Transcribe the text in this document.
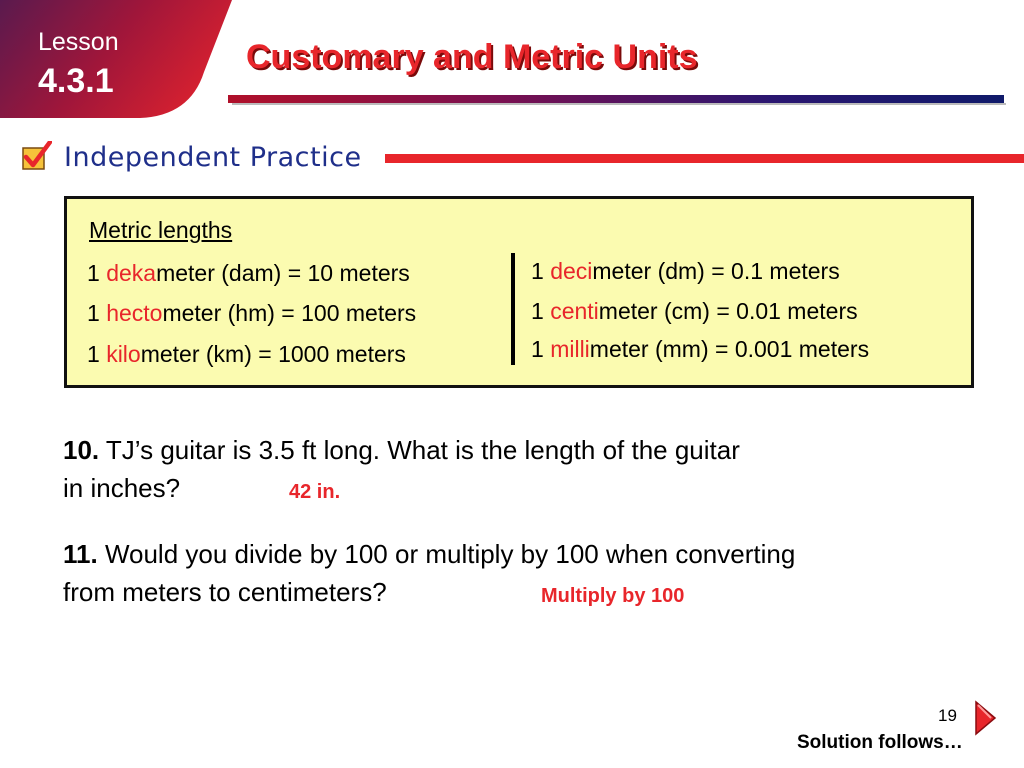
Lesson
4.3.1
Customary and Metric Units
Independent Practice
Metric lengths
1 dekameter (dam) = 10 meters
1 hectometer (hm) = 100 meters
1 kilometer (km) = 1000 meters
1 decimeter (dm) = 0.1 meters
1 centimeter (cm) = 0.01 meters
1 millimeter (mm) = 0.001 meters
10. TJ’s guitar is 3.5 ft long. What is the length of the guitar
in inches?	42 in.
11. Would you divide by 100 or multiply by 100 when converting
from meters to centimeters?	Multiply by 100
19
Solution follows…
